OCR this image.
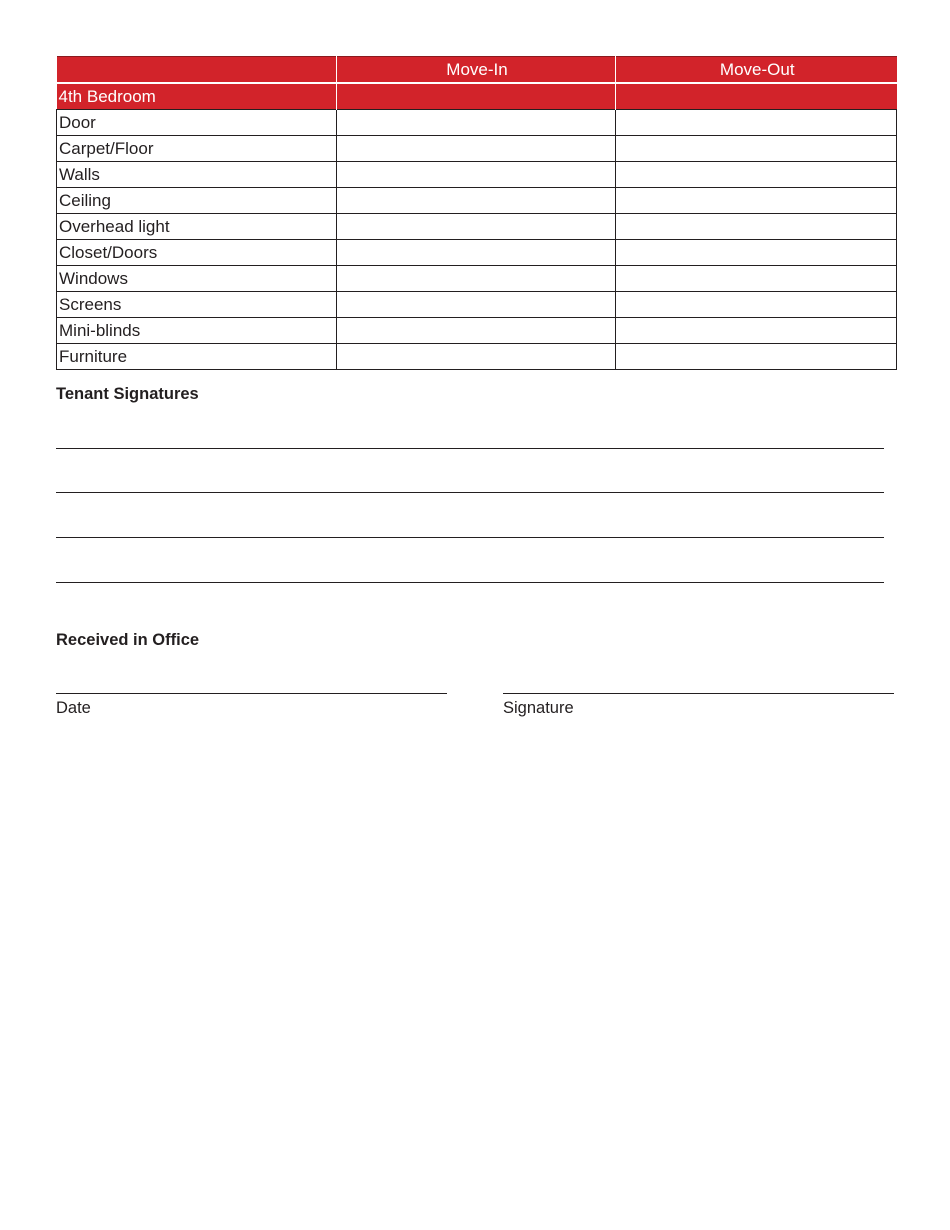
	Move-In	Move-Out
4th Bedroom		
Door		
Carpet/Floor		
Walls		
Ceiling		
Overhead light		
Closet/Doors		
Windows		
Screens		
Mini-blinds		
Furniture		
Tenant Signatures
Received in Office
Date	Signature
